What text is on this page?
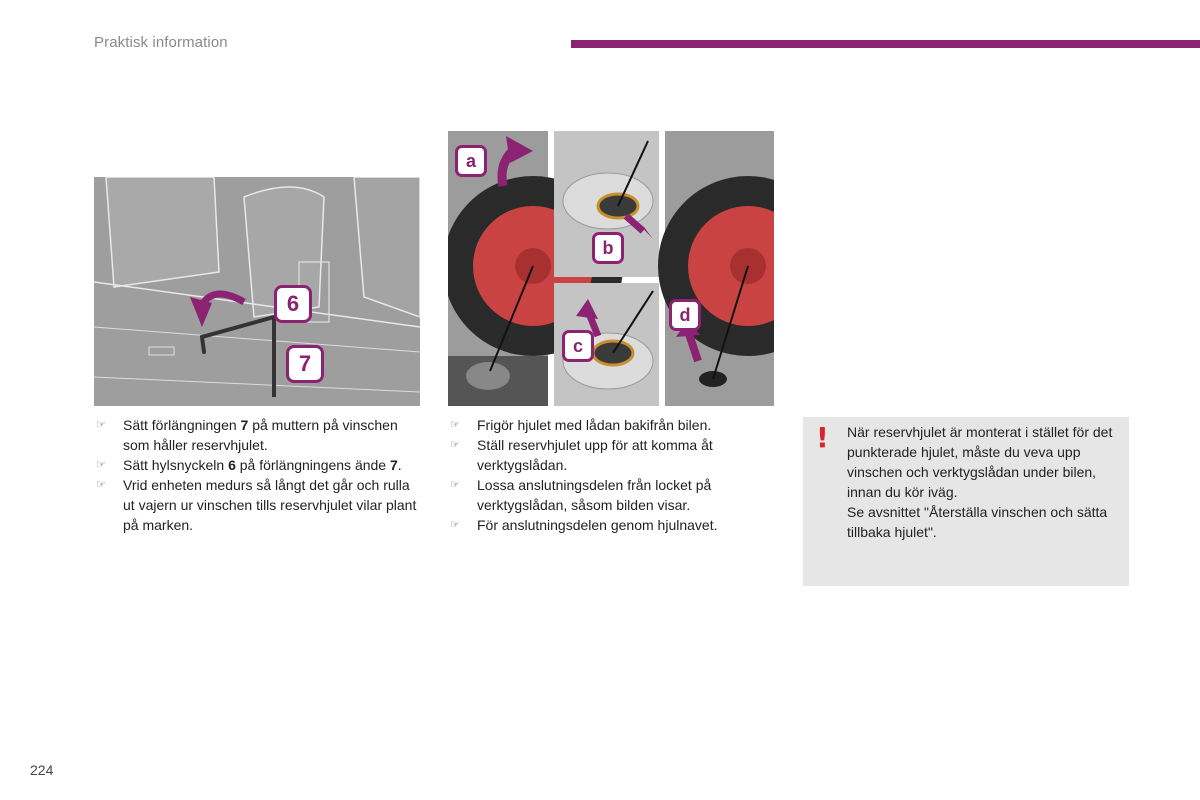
Praktisk information
6
7
a
b
c
d
☞ Sätt förlängningen 7 på muttern på vinschen som håller reservhjulet.
☞ Sätt hylsnyckeln 6 på förlängningens ände 7.
☞ Vrid enheten medurs så långt det går och rulla ut vajern ur vinschen tills reservhjulet vilar plant på marken.
☞ Frigör hjulet med lådan bakifrån bilen.
☞ Ställ reservhjulet upp för att komma åt verktygslådan.
☞ Lossa anslutningsdelen från locket på verktygslådan, såsom bilden visar.
☞ För anslutningsdelen genom hjulnavet.
! När reservhjulet är monterat i stället för det punkterade hjulet, måste du veva upp vinschen och verktygslådan under bilen, innan du kör iväg.
Se avsnittet "Återställa vinschen och sätta tillbaka hjulet".
224
